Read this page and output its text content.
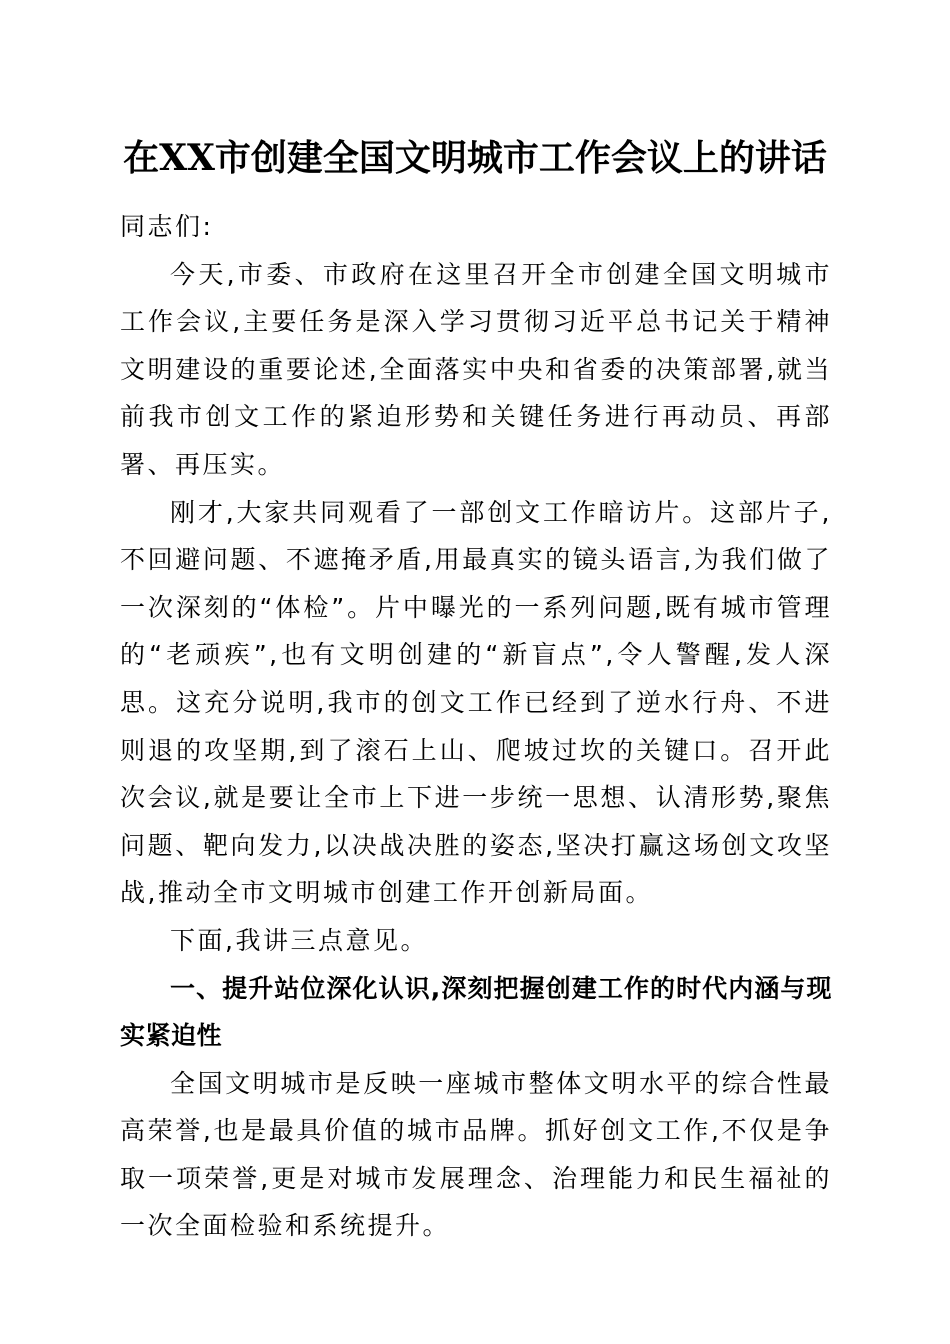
在XX市创建全国文明城市工作会议上的讲话

同志们:

今天,市委、市政府在这里召开全市创建全国文明城市工作会议,主要任务是深入学习贯彻习近平总书记关于精神文明建设的重要论述,全面落实中央和省委的决策部署,就当前我市创文工作的紧迫形势和关键任务进行再动员、再部署、再压实。

刚才,大家共同观看了一部创文工作暗访片。这部片子,不回避问题、不遮掩矛盾,用最真实的镜头语言,为我们做了一次深刻的“体检”。片中曝光的一系列问题,既有城市管理的“老顽疾”,也有文明创建的“新盲点”,令人警醒,发人深思。这充分说明,我市的创文工作已经到了逆水行舟、不进则退的攻坚期,到了滚石上山、爬坡过坎的关键口。召开此次会议,就是要让全市上下进一步统一思想、认清形势,聚焦问题、靶向发力,以决战决胜的姿态,坚决打赢这场创文攻坚战,推动全市文明城市创建工作开创新局面。

下面,我讲三点意见。

一、提升站位深化认识,深刻把握创建工作的时代内涵与现实紧迫性

全国文明城市是反映一座城市整体文明水平的综合性最高荣誉,也是最具价值的城市品牌。抓好创文工作,不仅是争取一项荣誉,更是对城市发展理念、治理能力和民生福祉的一次全面检验和系统提升。
